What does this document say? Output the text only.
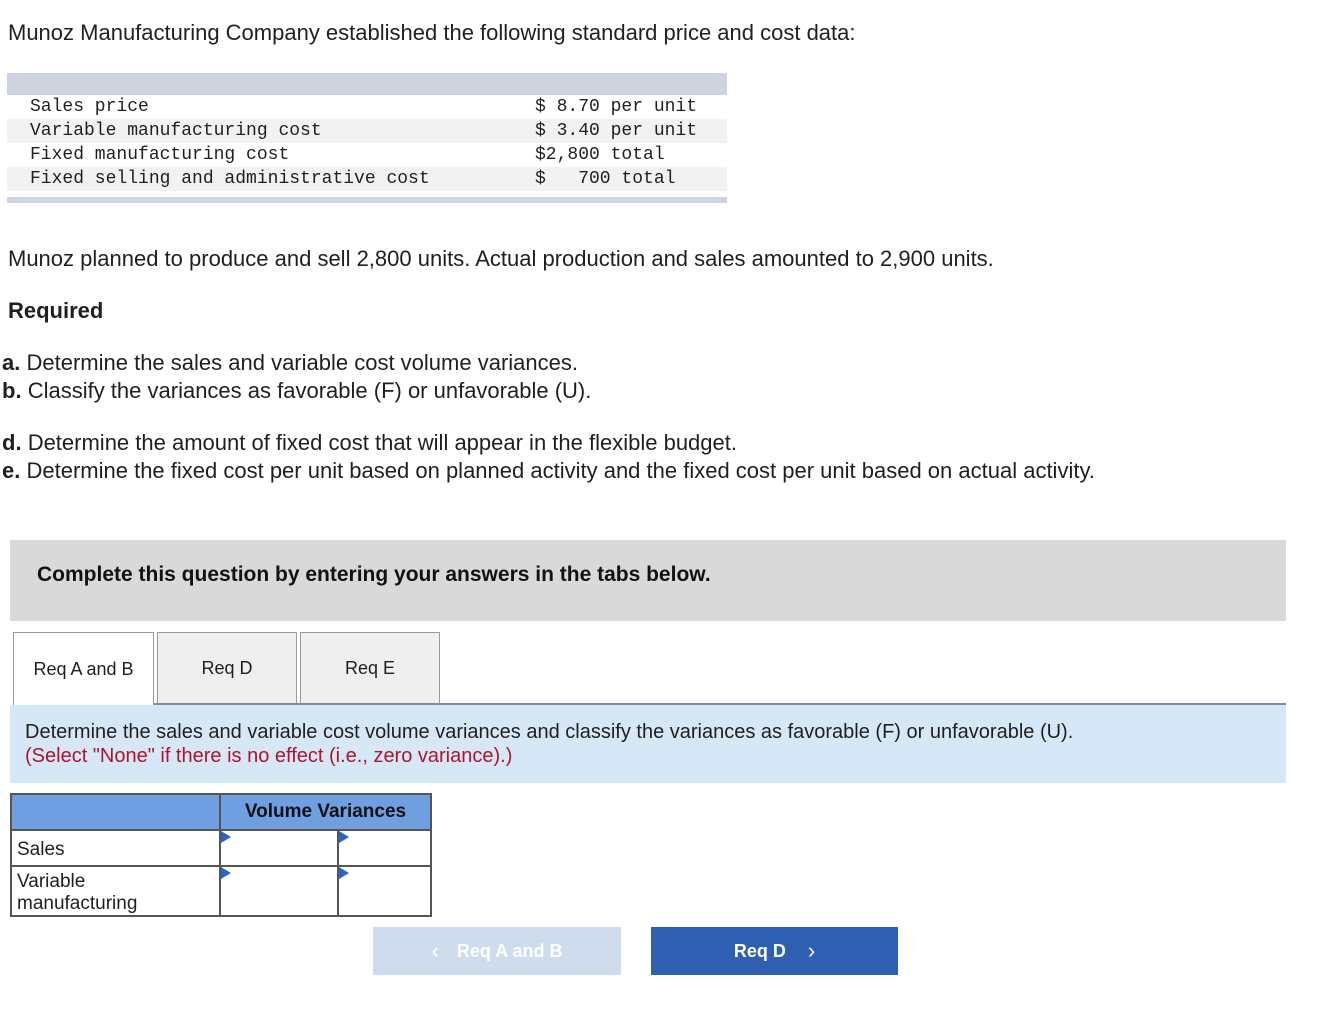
Munoz Manufacturing Company established the following standard price and cost data:
Sales price	$ 8.70 per unit
Variable manufacturing cost	$ 3.40 per unit
Fixed manufacturing cost	$2,800 total
Fixed selling and administrative cost	$   700 total
Munoz planned to produce and sell 2,800 units. Actual production and sales amounted to 2,900 units.
Required
a. Determine the sales and variable cost volume variances.
b. Classify the variances as favorable (F) or unfavorable (U).
d. Determine the amount of fixed cost that will appear in the flexible budget.
e. Determine the fixed cost per unit based on planned activity and the fixed cost per unit based on actual activity.
Complete this question by entering your answers in the tabs below.
Req A and B	Req D	Req E
Determine the sales and variable cost volume variances and classify the variances as favorable (F) or unfavorable (U).
(Select "None" if there is no effect (i.e., zero variance).)
	Volume Variances	

Sales		

Variable manufacturing		

‹ Req A and B	Req D ›
